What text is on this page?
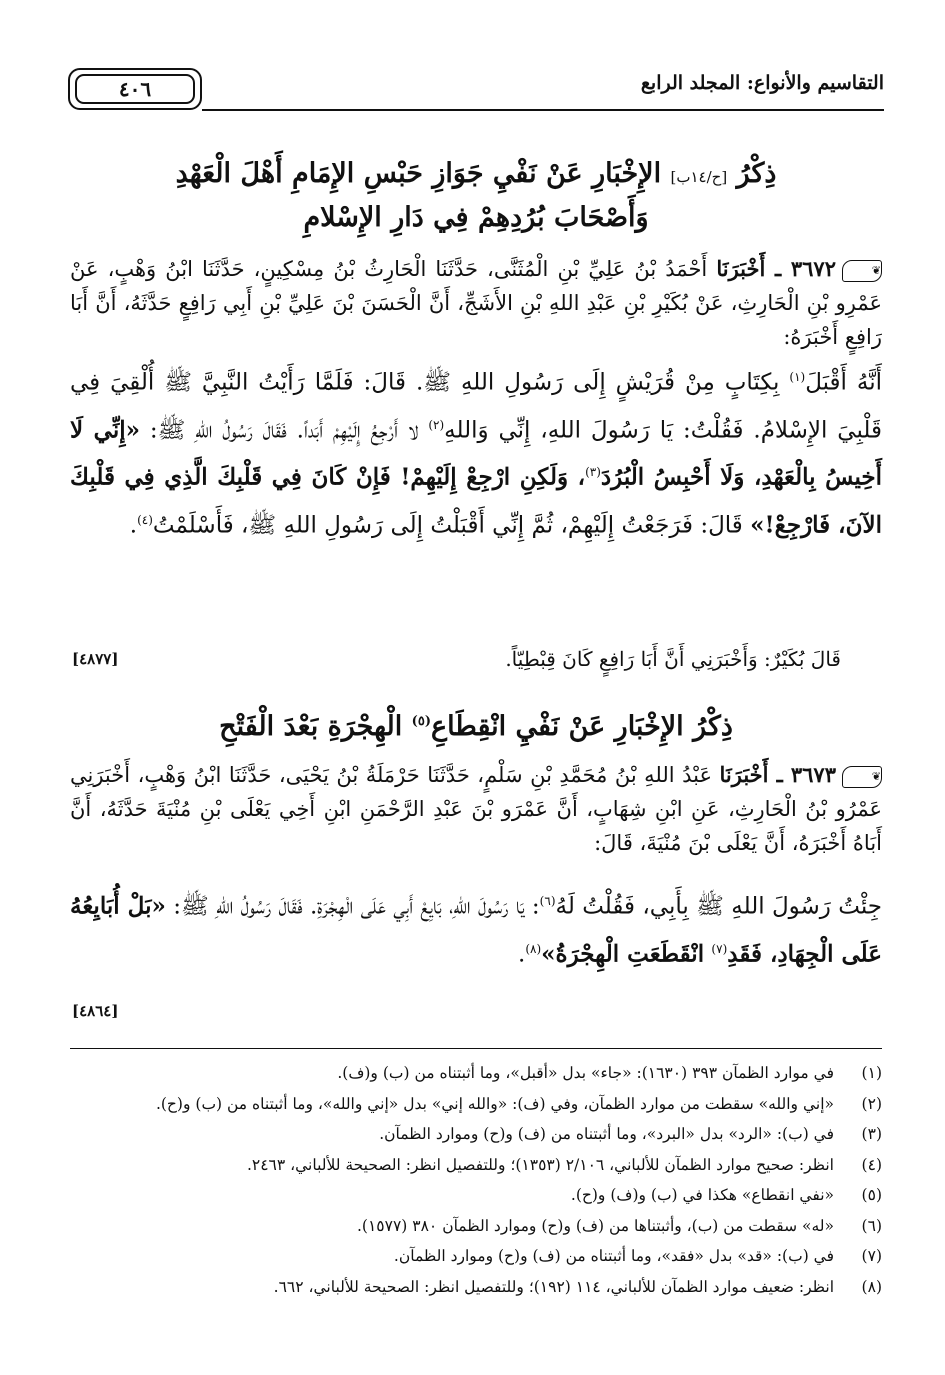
التقاسيم والأنواع: المجلد الرابع
٤٠٦
ذِكْرُ [ح/١٤ب] الإِخْبَارِ عَنْ نَفْيِ جَوَازِ حَبْسِ الإِمَامِ أَهْلَ الْعَهْدِ
وَأَصْحَابَ بُرُدِهِمْ فِي دَارِ الإِسْلامِ
❦٣٦٧٢ ـ أَخْبَرَنَا أَحْمَدُ بْنُ عَلِيِّ بْنِ الْمُثَنَّى، حَدَّثَنَا الْحَارِثُ بْنُ مِسْكِينٍ، حَدَّثَنَا ابْنُ وَهْبٍ، عَنْ عَمْرِو بْنِ الْحَارِثِ، عَنْ بُكَيْرِ بْنِ عَبْدِ اللهِ بْنِ الأَشَجِّ، أَنَّ الْحَسَنَ بْنَ عَلِيِّ بْنِ أَبِي رَافِعٍ حَدَّثَهُ، أَنَّ أَبَا رَافِعٍ أَخْبَرَهُ:
أَنَّهُ أَقْبَلَ$^{(١)}$ بِكِتَابٍ مِنْ قُرَيْشٍ إِلَى رَسُولِ اللهِ ﷺ. قَالَ: فَلَمَّا رَأَيْتُ النَّبِيَّ ﷺ أُلْقِيَ فِي قَلْبِيَ الإِسْلامُ. فَقُلْتُ: يَا رَسُولَ اللهِ، إِنِّي وَاللهِ$^{(٢)}$ لا أَرْجِعُ إِلَيْهِمْ أَبَداً. فَقَالَ رَسُولُ اللهِ ﷺ: «إِنِّي لَا أَخِيسُ بِالْعَهْدِ، وَلَا أَحْبِسُ الْبُرُدَ$^{(٣)}$، وَلَكِنِ ارْجِعْ إِلَيْهِمْ! فَإِنْ كَانَ فِي قَلْبِكَ الَّذِي فِي قَلْبِكَ الآنَ، فَارْجِعْ!» قَالَ: فَرَجَعْتُ إِلَيْهِمْ، ثُمَّ إِنِّي أَقْبَلْتُ إِلَى رَسُولِ اللهِ ﷺ، فَأَسْلَمْتُ$^{(٤)}$.
قَالَ بُكَيْرٌ: وَأَخْبَرَنِي أَنَّ أَبَا رَافِعٍ كَانَ قِبْطِيّاً.
[٤٨٧٧]
ذِكْرُ الإِخْبَارِ عَنْ نَفْيِ انْقِطَاعِ$^{(٥)}$ الْهِجْرَةِ بَعْدَ الْفَتْحِ
❦٣٦٧٣ ـ أَخْبَرَنَا عَبْدُ اللهِ بْنُ مُحَمَّدِ بْنِ سَلْمٍ، حَدَّثَنَا حَرْمَلَةُ بْنُ يَحْيَى، حَدَّثَنَا ابْنُ وَهْبٍ، أَخْبَرَنِي عَمْرُو بْنُ الْحَارِثِ، عَنِ ابْنِ شِهَابٍ، أَنَّ عَمْرَو بْنَ عَبْدِ الرَّحْمَنِ ابْنِ أَخِي يَعْلَى بْنِ مُنْيَةَ حَدَّثَهُ، أَنَّ أَبَاهُ أَخْبَرَهُ، أَنَّ يَعْلَى بْنَ مُنْيَةَ، قَالَ:
جِئْتُ رَسُولَ اللهِ ﷺ بِأَبِي، فَقُلْتُ لَهُ$^{(٦)}$: يَا رَسُولَ اللهِ، بَايِعْ أَبِي عَلَى الْهِجْرَةِ. فَقَالَ رَسُولُ اللهِ ﷺ: «بَلْ أُبَايِعُهُ عَلَى الْجِهَادِ، فَقَدِ$^{(٧)}$ انْقَطَعَتِ الْهِجْرَةُ»$^{(٨)}$.
[٤٨٦٤]
(١)
في موارد الظمآن ٣٩٣ (١٦٣٠): «جاء» بدل «أقبل»، وما أثبتناه من (ب) و(ف).
(٢)
«إني والله» سقطت من موارد الظمآن، وفي (ف): «والله إني» بدل «إني والله»، وما أثبتناه من (ب) و(ح).
(٣)
في (ب): «الرد» بدل «البرد»، وما أثبتناه من (ف) و(ح) وموارد الظمآن.
(٤)
انظر: صحيح موارد الظمآن للألباني، ٢/١٠٦ (١٣٥٣)؛ وللتفصيل انظر: الصحيحة للألباني، ٢٤٦٣.
(٥)
«نفي انقطاع» هكذا في (ب) و(ف) و(ح).
(٦)
«له» سقطت من (ب)، وأثبتناها من (ف) و(ح) وموارد الظمآن ٣٨٠ (١٥٧٧).
(٧)
في (ب): «قد» بدل «فقد»، وما أثبتناه من (ف) و(ح) وموارد الظمآن.
(٨)
انظر: ضعيف موارد الظمآن للألباني، ١١٤ (١٩٢)؛ وللتفصيل انظر: الصحيحة للألباني، ٦٦٢.
